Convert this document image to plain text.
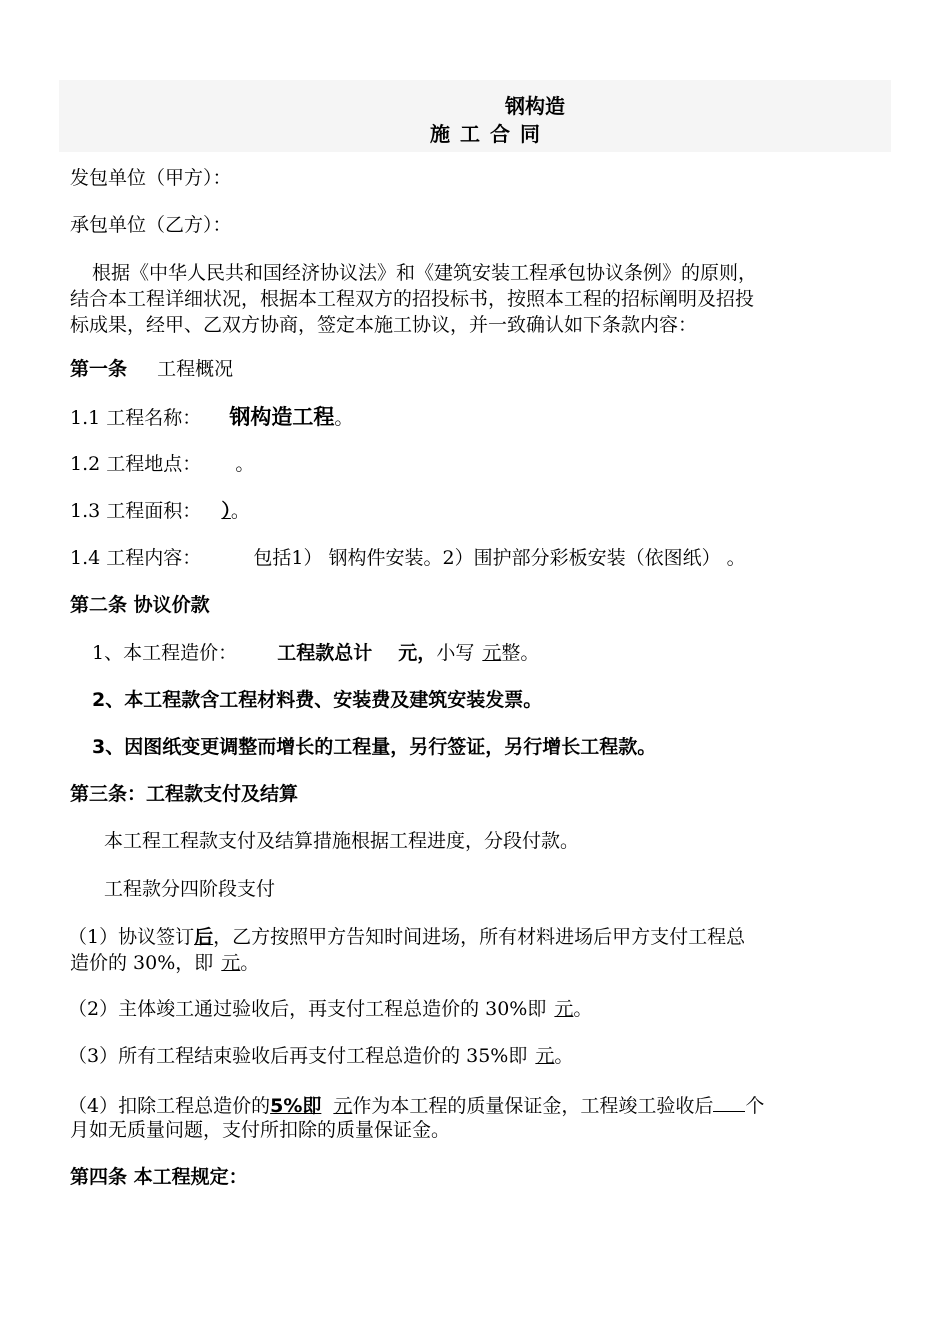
钢构造
施工合同
发包单位（甲方）：
承包单位（乙方）：
根据《中华人民共和国经济协议法》和《建筑安装工程承包协议条例》的原则，
结合本工程详细状况，根据本工程双方的招投标书，按照本工程的招标阐明及招投
标成果，经甲、乙双方协商，签定本施工协议，并一致确认如下条款内容：
第一条 工程概况
1.1 工程名称： 钢构造工程。
1.2 工程地点： 。
1.3 工程面积： ）。
1.4 工程内容：	包括1） 钢构件安装。2）围护部分彩板安装（依图纸） 。
第二条 协议价款
1、本工程造价： 工程款总计 元，小写 元整。
2、本工程款含工程材料费、安装费及建筑安装发票。
3、因图纸变更调整而增长的工程量，另行签证，另行增长工程款。
第三条：工程款支付及结算
本工程工程款支付及结算措施根据工程进度，分段付款。
工程款分四阶段支付
（1）协议签订后，乙方按照甲方告知时间进场，所有材料进场后甲方支付工程总
造价的 30%，即 元。
（2）主体竣工通过验收后，再支付工程总造价的 30%即 元。
（3）所有工程结束验收后再支付工程总造价的 35%即 元。
（4）扣除工程总造价的5%即 元作为本工程的质量保证金，工程竣工验收后 个
月如无质量问题，支付所扣除的质量保证金。
第四条 本工程规定：
